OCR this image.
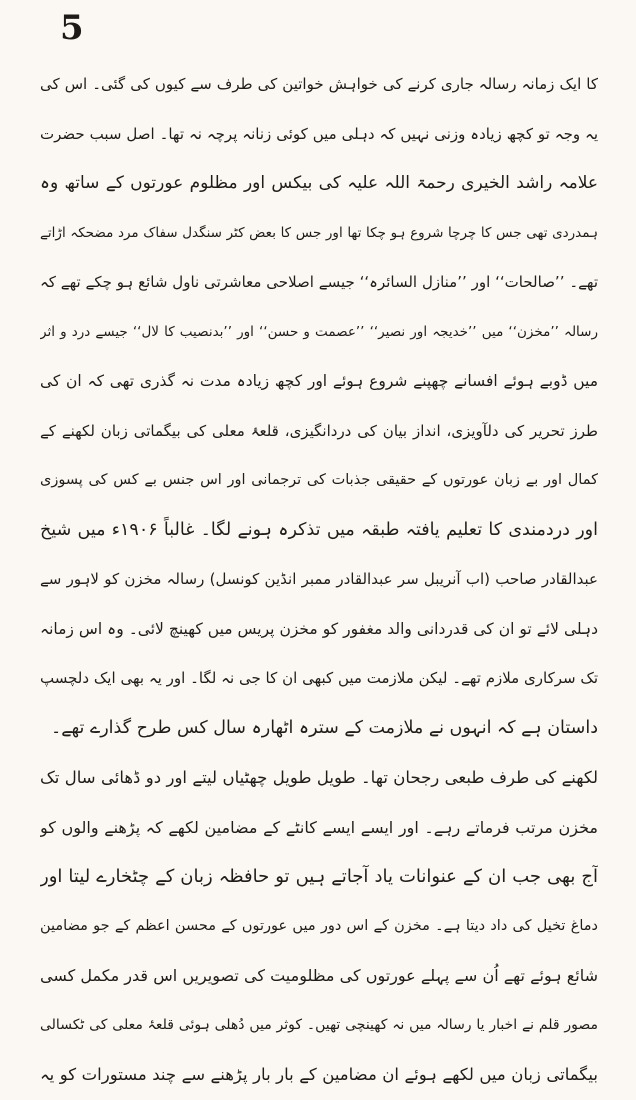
5
کا ایک زمانہ رسالہ جاری کرنے کی خواہش خواتین کی طرف سے کیوں کی گئی۔ اس کی
یہ وجہ تو کچھ زیادہ وزنی نہیں کہ دہلی میں کوئی زنانہ پرچہ نہ تھا۔ اصل سبب حضرت
علامہ راشد الخیری رحمۃ اللہ علیہ کی بیکس اور مظلوم عورتوں کے ساتھ وہ
ہمدردی تھی جس کا چرچا شروع ہو چکا تھا اور جس کا بعض کٹر سنگدل سفاک مرد مضحکہ اڑاتے
تھے۔ ’’صالحات‘‘ اور ’’منازل السائرہ‘‘ جیسے اصلاحی معاشرتی ناول شائع ہو چکے تھے کہ
رسالہ ’’مخزن‘‘ میں ’’خدیجہ اور نصیر‘‘ ’’عصمت و حسن‘‘ اور ’’بدنصیب کا لال‘‘ جیسے درد و اثر
میں ڈوبے ہوئے افسانے چھپنے شروع ہوئے اور کچھ زیادہ مدت نہ گذری تھی کہ ان کی
طرز تحریر کی دلآویزی، انداز بیان کی دردانگیزی، قلعۂ معلی کی بیگماتی زبان لکھنے کے
کمال اور بے زبان عورتوں کے حقیقی جذبات کی ترجمانی اور اس جنس بے کس کی پسوزی
اور دردمندی کا تعلیم یافتہ طبقہ میں تذکرہ ہونے لگا۔ غالباً ۱۹۰۶ء میں شیخ
عبدالقادر صاحب (اب آنریبل سر عبدالقادر ممبر انڈین کونسل) رسالہ مخزن کو لاہور سے
دہلی لائے تو ان کی قدردانی والد مغفور کو مخزن پریس میں کھینچ لائی۔ وہ اس زمانہ
تک سرکاری ملازم تھے۔ لیکن ملازمت میں کبھی ان کا جی نہ لگا۔ اور یہ بھی ایک دلچسپ
داستان ہے کہ انہوں نے ملازمت کے سترہ اٹھارہ سال کس طرح گذارے تھے۔
لکھنے کی طرف طبعی رجحان تھا۔ طویل طویل چھٹیاں لیتے اور دو ڈھائی سال تک
مخزن مرتب فرماتے رہے۔ اور ایسے ایسے کانٹے کے مضامین لکھے کہ پڑھنے والوں کو
آج بھی جب ان کے عنوانات یاد آجاتے ہیں تو حافظہ زبان کے چٹخارے لیتا اور
دماغ تخیل کی داد دیتا ہے۔ مخزن کے اس دور میں عورتوں کے محسن اعظم کے جو مضامین
شائع ہوئے تھے اُن سے پہلے عورتوں کی مظلومیت کی تصویریں اس قدر مکمل کسی
مصور قلم نے اخبار یا رسالہ میں نہ کھینچی تھیں۔ کوثر میں دُھلی ہوئی قلعۂ معلی کی ٹکسالی
بیگماتی زبان میں لکھے ہوئے ان مضامین کے بار بار پڑھنے سے چند مستورات کو یہ
